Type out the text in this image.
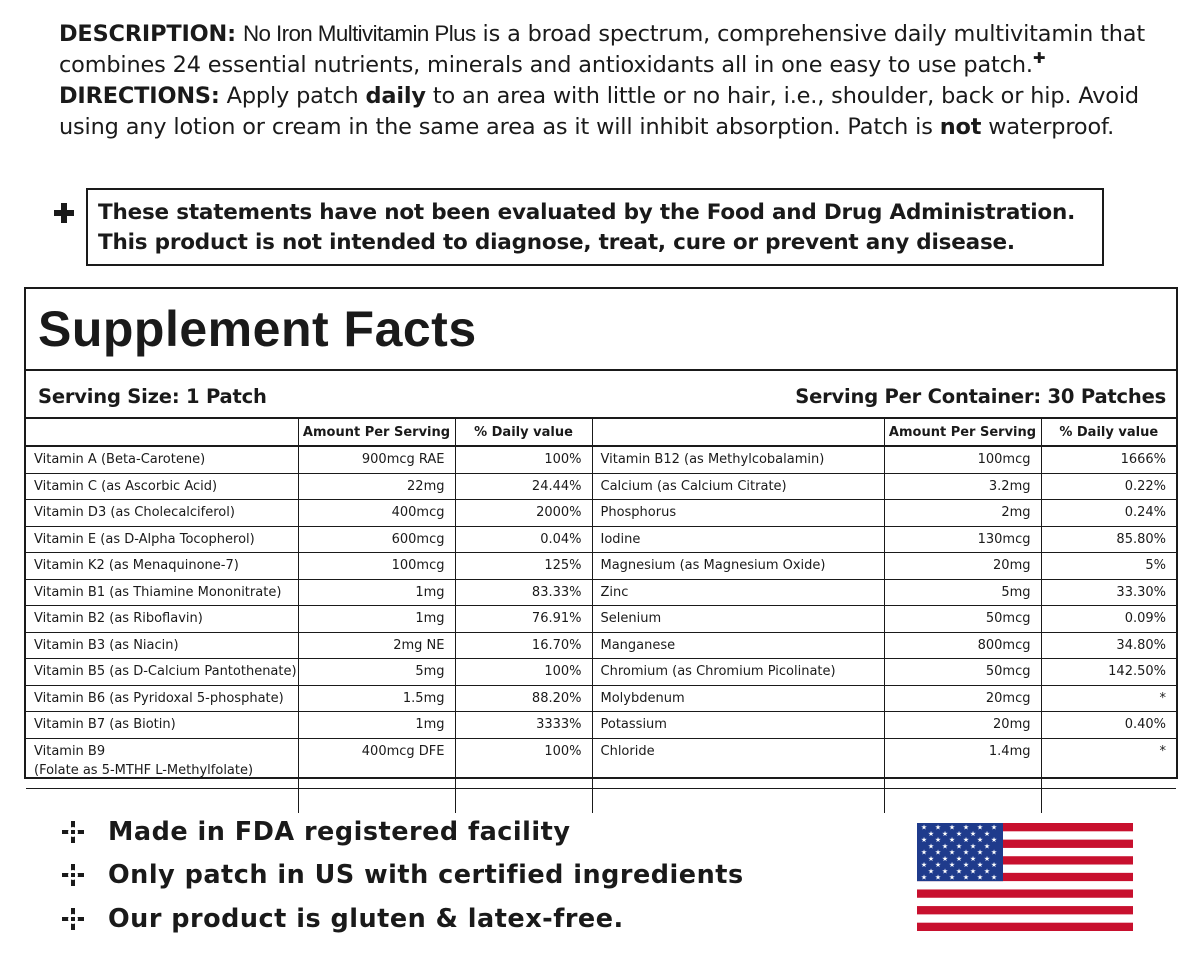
DESCRIPTION: No Iron Multivitamin Plus is a broad spectrum, comprehensive daily multivitamin that combines 24 essential nutrients, minerals and antioxidants all in one easy to use patch.✚
DIRECTIONS: Apply patch daily to an area with little or no hair, i.e., shoulder, back or hip. Avoid using any lotion or cream in the same area as it will inhibit absorption. Patch is not waterproof.
These statements have not been evaluated by the Food and Drug Administration.
This product is not intended to diagnose, treat, cure or prevent any disease.
Supplement Facts
Serving Size: 1 Patch	Serving Per Container: 30 Patches
	Amount Per Serving	% Daily value		Amount Per Serving	% Daily value
Vitamin A (Beta-Carotene)	900mcg RAE	100%	Vitamin B12 (as Methylcobalamin)	100mcg	1666%
Vitamin C (as Ascorbic Acid)	22mg	24.44%	Calcium (as Calcium Citrate)	3.2mg	0.22%
Vitamin D3 (as Cholecalciferol)	400mcg	2000%	Phosphorus	2mg	0.24%
Vitamin E (as D-Alpha Tocopherol)	600mcg	0.04%	Iodine	130mcg	85.80%
Vitamin K2 (as Menaquinone-7)	100mcg	125%	Magnesium (as Magnesium Oxide)	20mg	5%
Vitamin B1 (as Thiamine Mononitrate)	1mg	83.33%	Zinc	5mg	33.30%
Vitamin B2 (as Riboflavin)	1mg	76.91%	Selenium	50mcg	0.09%
Vitamin B3 (as Niacin)	2mg NE	16.70%	Manganese	800mcg	34.80%
Vitamin B5 (as D-Calcium Pantothenate)	5mg	100%	Chromium (as Chromium Picolinate)	50mcg	142.50%
Vitamin B6 (as Pyridoxal 5-phosphate)	1.5mg	88.20%	Molybdenum	20mcg	*
Vitamin B7 (as Biotin)	1mg	3333%	Potassium	20mg	0.40%
Vitamin B9
(Folate as 5-MTHF L-Methylfolate)	400mcg DFE	100%	Chloride	1.4mg	*

Made in FDA registered facility
Only patch in US with certified ingredients
Our product is gluten & latex-free.
★ ★ ★ ★ ★ ★
★ ★ ★ ★ ★
★ ★ ★ ★ ★ ★
★ ★ ★ ★ ★
★ ★ ★ ★ ★ ★
★ ★ ★ ★ ★
★ ★ ★ ★ ★ ★
★ ★ ★ ★ ★
★ ★ ★ ★ ★ ★
